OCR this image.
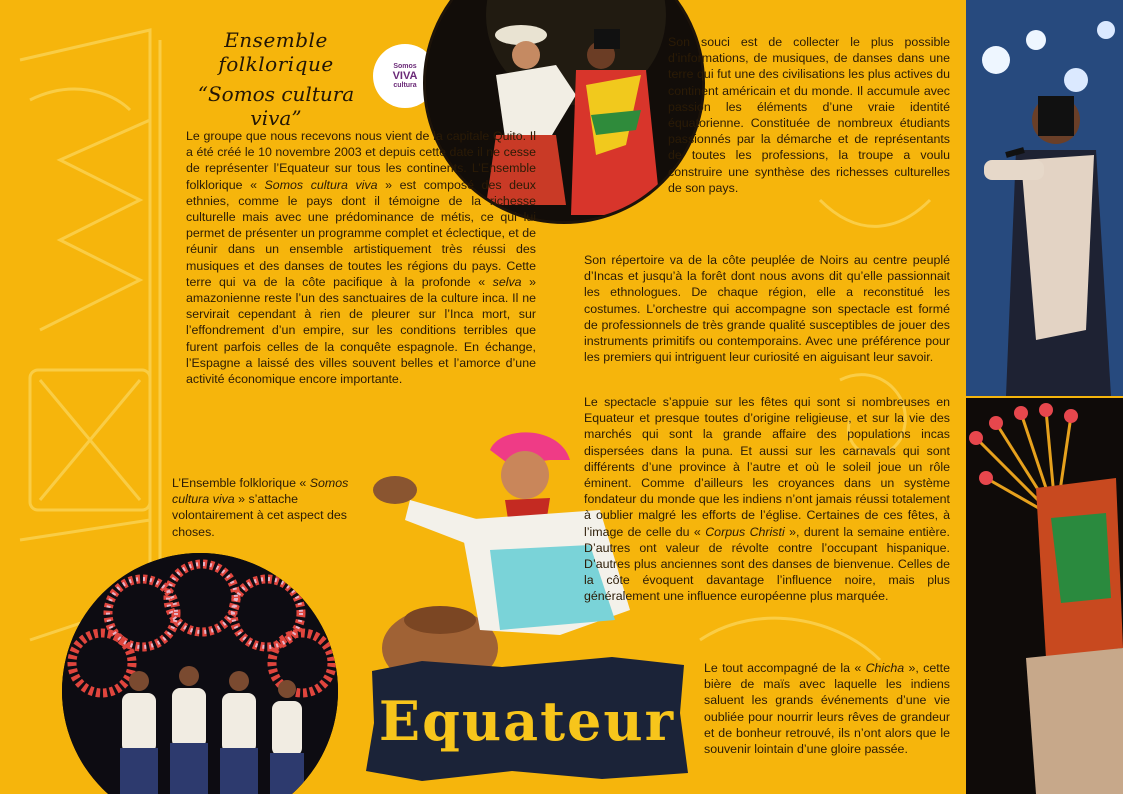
Ensemble folklorique
“Somos cultura viva”
Somos
VIVA
cultura
Le groupe que nous recevons nous vient de la capitale Quito. Il a été créé le 10 novembre 2003 et depuis cette date il ne cesse de représenter l’Equateur sur tous les continents. L’Ensemble folklorique « Somos cultura viva » est composé des deux ethnies, comme le pays dont il témoigne de la richesse culturelle mais avec une prédominance de métis, ce qui lui permet de présenter un programme complet et éclectique, et de réunir dans un ensemble artistiquement très réussi des musiques et des danses de toutes les régions du pays. Cette terre qui va de la côte pacifique à la profonde « selva » amazonienne reste l’un des sanctuaires de la culture inca. Il ne servirait cependant à rien de pleurer sur l’Inca mort, sur l’effondrement d’un empire, sur les conditions terribles que furent parfois celles de la conquête espagnole. En échange, l’Espagne a laissé des villes souvent belles et l’amorce d’une activité économique encore importante.
L’Ensemble folklorique « Somos cultura viva » s’attache volontairement à cet aspect des choses.
Equateur
Son souci est de collecter le plus possible d’informations, de musiques, de danses dans une terre qui fut une des civilisations les plus actives du continent américain et du monde. Il accumule avec passion les éléments d’une vraie identité équatorienne. Constituée de nombreux étudiants passionnés par la démarche et de représentants de toutes les professions, la troupe a voulu construire une synthèse des richesses culturelles de son pays.
Son répertoire va de la côte peuplée de Noirs au centre peuplé d’Incas et jusqu’à la forêt dont nous avons dit qu’elle passionnait les ethnologues. De chaque région, elle a reconstitué les costumes. L’orchestre qui accompagne son spectacle est formé de professionnels de très grande qualité susceptibles de jouer des instruments primitifs ou contemporains. Avec une préférence pour les premiers qui intriguent leur curiosité en aiguisant leur savoir.
Le spectacle s’appuie sur les fêtes qui sont si nombreuses en Equateur et presque toutes d’origine religieuse, et sur la vie des marchés qui sont la grande affaire des populations incas dispersées dans la puna. Et aussi sur les carnavals qui sont différents d’une province à l’autre et où le soleil joue un rôle éminent. Comme d’ailleurs les croyances dans un système fondateur du monde que les indiens n’ont jamais réussi totalement à oublier malgré les efforts de l’église. Certaines de ces fêtes, à l’image de celle du « Corpus Christi », durent la semaine entière. D’autres ont valeur de révolte contre l’occupant hispanique. D’autres plus anciennes sont des danses de bienvenue. Celles de la côte évoquent davantage l’influence noire, mais plus généralement une influence européenne plus marquée.
Le tout accompagné de la « Chicha », cette bière de maïs avec laquelle les indiens saluent les grands événements d’une vie oubliée pour nourrir leurs rêves de grandeur et de bonheur retrouvé, ils n’ont alors que le souvenir lointain d’une gloire passée.
